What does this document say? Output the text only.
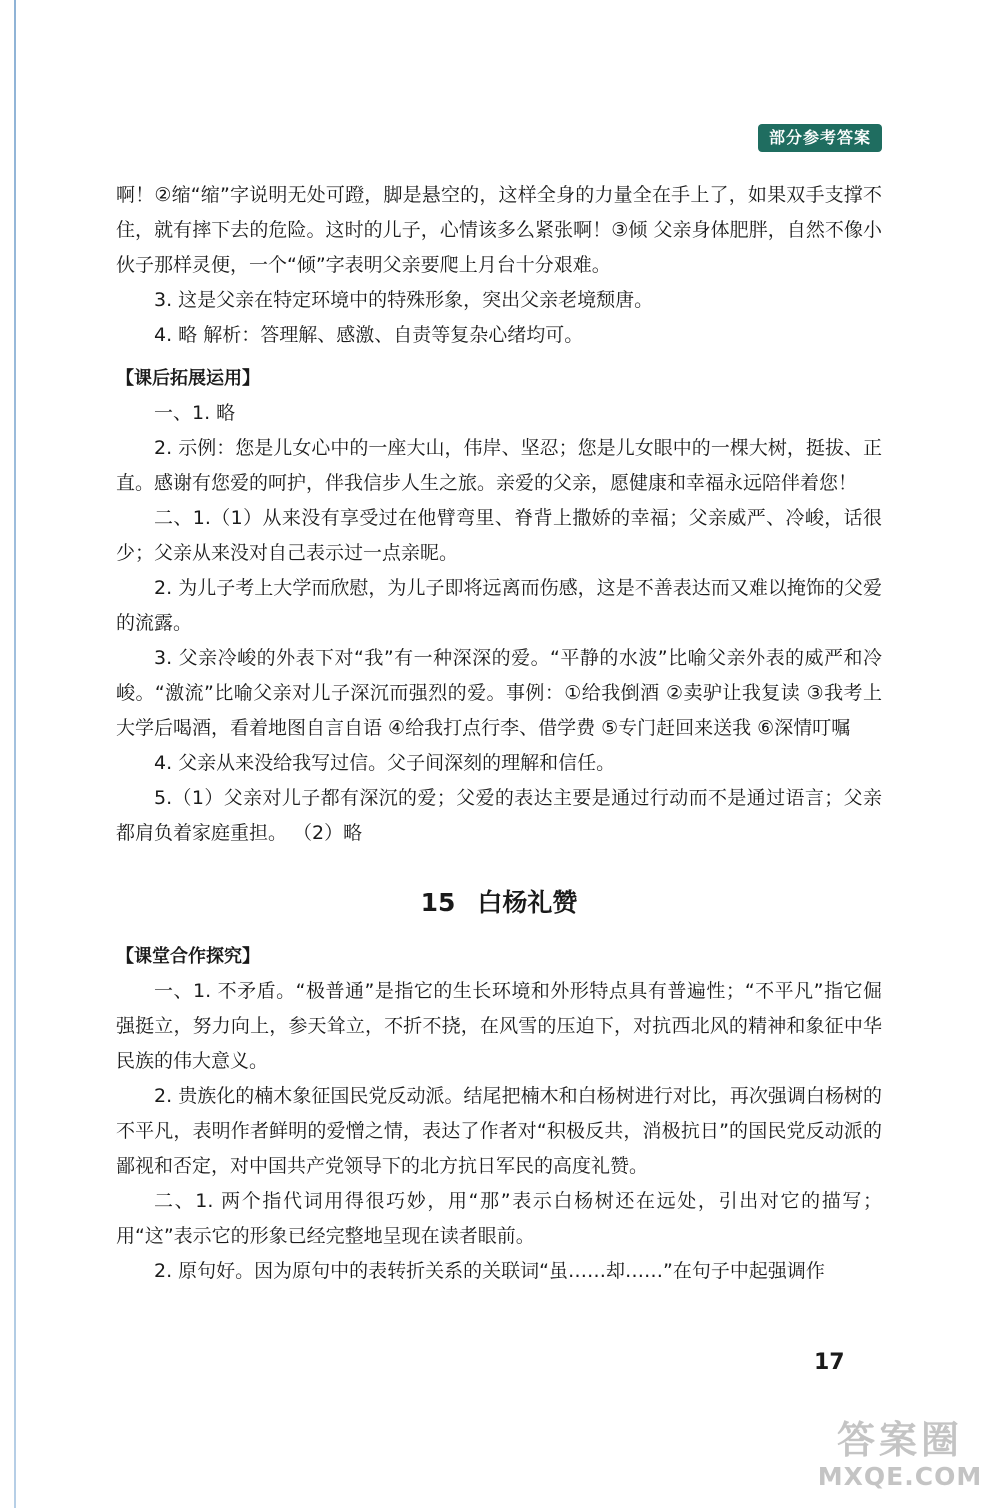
部分参考答案

啊！②缩“缩”字说明无处可蹬，脚是悬空的，这样全身的力量全在手上了，如果双手支撑不住，就有摔下去的危险。这时的儿子，心情该多么紧张啊！③倾 父亲身体肥胖，自然不像小伙子那样灵便，一个“倾”字表明父亲要爬上月台十分艰难。

3. 这是父亲在特定环境中的特殊形象，突出父亲老境颓唐。

4. 略 解析：答理解、感激、自责等复杂心绪均可。

【课后拓展运用】

一、1. 略

2. 示例：您是儿女心中的一座大山，伟岸、坚忍；您是儿女眼中的一棵大树，挺拔、正直。感谢有您爱的呵护，伴我信步人生之旅。亲爱的父亲，愿健康和幸福永远陪伴着您！

二、1.（1）从来没有享受过在他臂弯里、脊背上撒娇的幸福；父亲威严、冷峻，话很少；父亲从来没对自己表示过一点亲昵。

2. 为儿子考上大学而欣慰，为儿子即将远离而伤感，这是不善表达而又难以掩饰的父爱的流露。

3. 父亲冷峻的外表下对“我”有一种深深的爱。“平静的水波”比喻父亲外表的威严和冷峻。“激流”比喻父亲对儿子深沉而强烈的爱。事例：①给我倒酒 ②卖驴让我复读 ③我考上大学后喝酒，看着地图自言自语 ④给我打点行李、借学费 ⑤专门赶回来送我 ⑥深情叮嘱

4. 父亲从来没给我写过信。父子间深刻的理解和信任。

5.（1）父亲对儿子都有深沉的爱；父爱的表达主要是通过行动而不是通过语言；父亲都肩负着家庭重担。 （2）略

15 白杨礼赞

【课堂合作探究】

一、1. 不矛盾。“极普通”是指它的生长环境和外形特点具有普遍性；“不平凡”指它倔强挺立，努力向上，参天耸立，不折不挠，在风雪的压迫下，对抗西北风的精神和象征中华民族的伟大意义。

2. 贵族化的楠木象征国民党反动派。结尾把楠木和白杨树进行对比，再次强调白杨树的不平凡，表明作者鲜明的爱憎之情，表达了作者对“积极反共，消极抗日”的国民党反动派的鄙视和否定，对中国共产党领导下的北方抗日军民的高度礼赞。

二、1. 两个指代词用得很巧妙，用“那”表示白杨树还在远处，引出对它的描写；用“这”表示它的形象已经完整地呈现在读者眼前。

2. 原句好。因为原句中的表转折关系的关联词“虽……却……”在句子中起强调作

17
答案圈
MXQE.COM
